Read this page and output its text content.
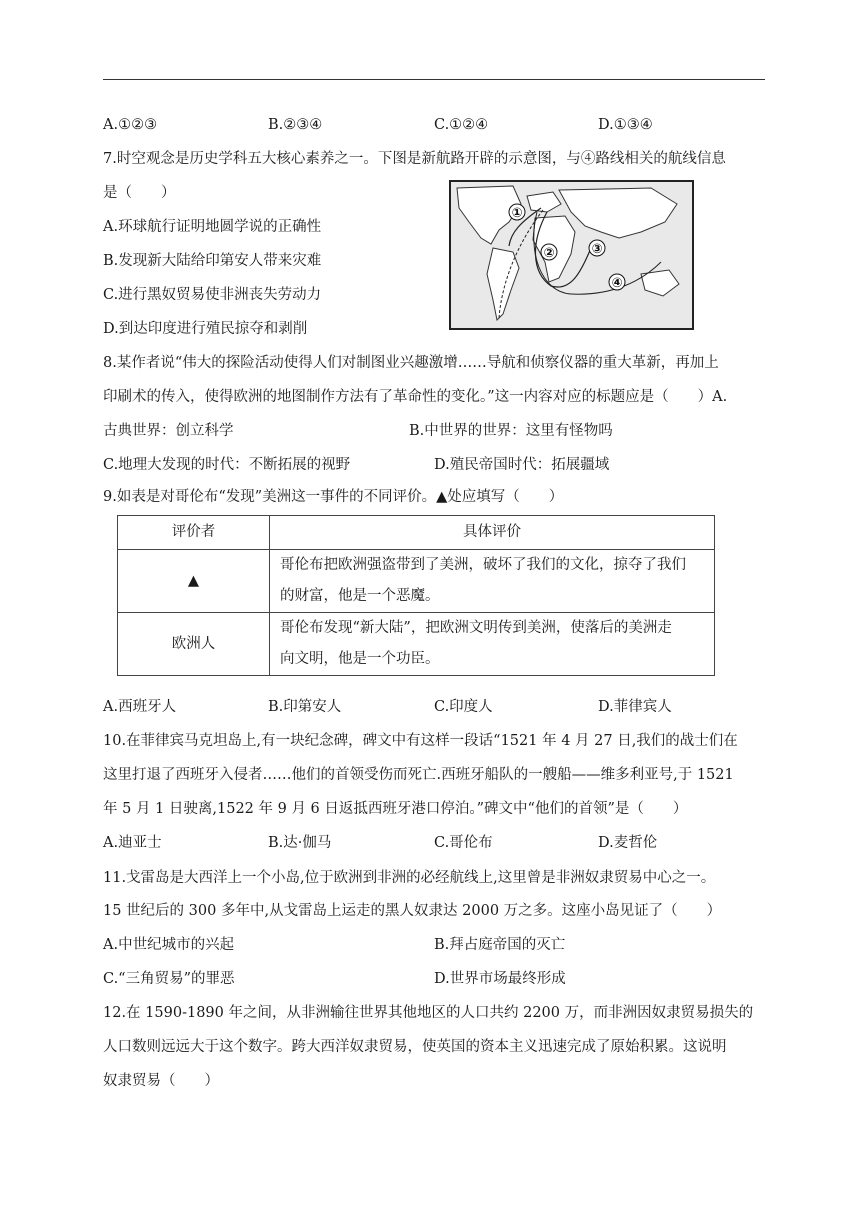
A.①②③	B.②③④	C.①②④	D.①③④
7.时空观念是历史学科五大核心素养之一。下图是新航路开辟的示意图，与④路线相关的航线信息
是（　　）
A.环球航行证明地圆学说的正确性
B.发现新大陆给印第安人带来灾难
C.进行黑奴贸易使非洲丧失劳动力
D.到达印度进行殖民掠夺和剥削
①
②	③
④
8.某作者说“伟大的探险活动使得人们对制图业兴趣激增……导航和侦察仪器的重大革新，再加上
印刷术的传入，使得欧洲的地图制作方法有了革命性的变化。”这一内容对应的标题应是（　　）A.
古典世界：创立科学	B.中世界的世界：这里有怪物吗
C.地理大发现的时代：不断拓展的视野	D.殖民帝国时代：拓展疆域
9.如表是对哥伦布“发现”美洲这一事件的不同评价。▲处应填写（　　）
评价者	具体评价
▲	哥伦布把欧洲强盗带到了美洲，破坏了我们的文化，掠夺了我们
的财富，他是一个恶魔。

欧洲人	哥伦布发现“新大陆”，把欧洲文明传到美洲，使落后的美洲走
向文明，他是一个功臣。
A.西班牙人	B.印第安人	C.印度人	D.菲律宾人
10.在菲律宾马克坦岛上,有一块纪念碑，碑文中有这样一段话“1521 年 4 月 27 日,我们的战士们在
这里打退了西班牙入侵者……他们的首领受伤而死亡.西班牙船队的一艘船——维多利亚号,于 1521
年 5 月 1 日驶离,1522 年 9 月 6 日返抵西班牙港口停泊。”碑文中“他们的首领”是（　　）
A.迪亚士	B.达·伽马	C.哥伦布	D.麦哲伦
11.戈雷岛是大西洋上一个小岛,位于欧洲到非洲的必经航线上,这里曾是非洲奴隶贸易中心之一。
15 世纪后的 300 多年中,从戈雷岛上运走的黑人奴隶达 2000 万之多。这座小岛见证了（　　）
A.中世纪城市的兴起	B.拜占庭帝国的灭亡
C.“三角贸易”的罪恶	D.世界市场最终形成
12.在 1590-1890 年之间，从非洲输往世界其他地区的人口共约 2200 万，而非洲因奴隶贸易损失的
人口数则远远大于这个数字。跨大西洋奴隶贸易，使英国的资本主义迅速完成了原始积累。这说明
奴隶贸易（　　）
